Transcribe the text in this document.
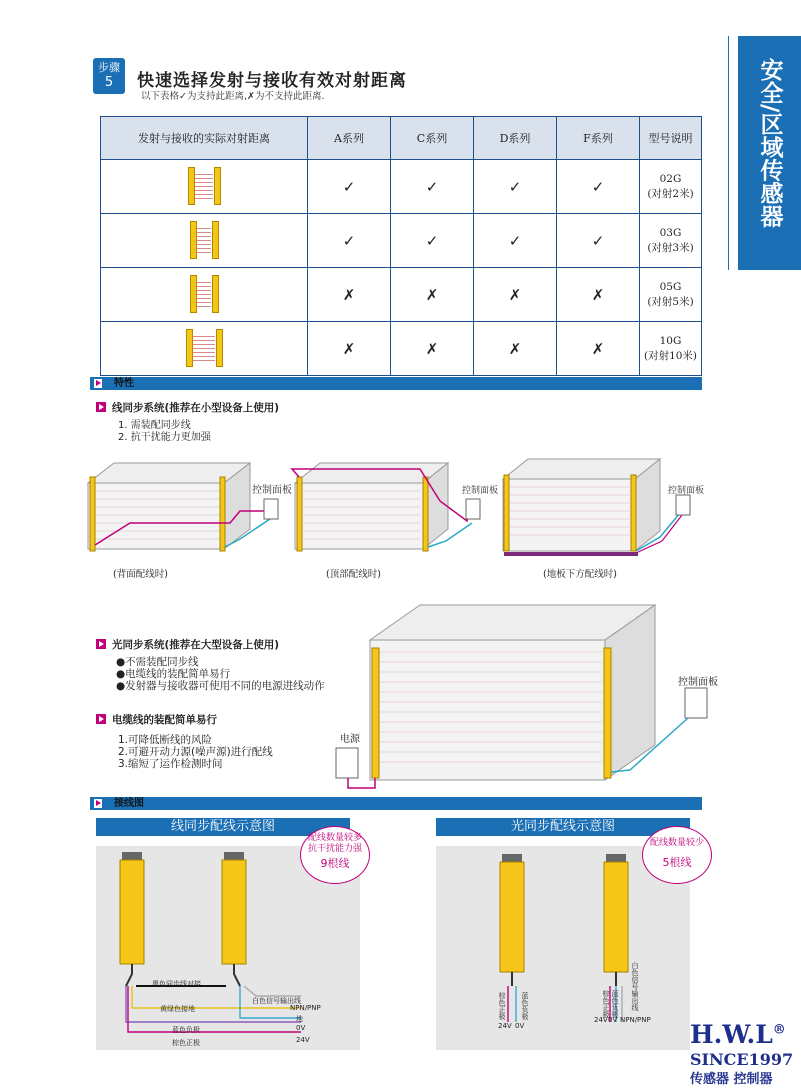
安全/区域传感器
步骤
5	快速选择发射与接收有效对射距离
以下表格✓为支持此距离,✗为不支持此距离.
发射与接收的实际对射距离	A系列	C系列	D系列	F系列	型号说明

	✓	✓	✓	✓	02G
(对射2米)

	✓	✓	✓	✓	03G
(对射3米)

	✗	✗	✗	✗	05G
(对射5米)

	✗	✗	✗	✗	10G
(对射10米)
特性
线同步系统(推荐在小型设备上使用)
1. 需装配同步线
2. 抗干扰能力更加强
控制面板	控制面板	控制面板
(背面配线时)	(顶部配线时)	(地板下方配线时)
光同步系统(推荐在大型设备上使用)
●不需装配同步线
●电缆线的装配简单易行
●发射器与接收器可使用不同的电源进线动作
电缆线的装配简单易行
1.可降低断线的风险
2.可避开动力源(噪声源)进行配线
3.缩短了运作检测时间
控制面板
电源
接线图
线同步配线示意图
配线数量较多
抗干扰能力强
9根线
黑色同步线对接
白色信号输出线
NPN/PNP
黄绿色接地
地
蓝色负极	0V
棕色正极	24V
光同步配线示意图
配线数量较少
5根线
棕色正极 蓝色负极
24V 0V
棕色正极 蓝色负极 白色信号输出线
24V 0V NPN/PNP H.W.L®
SINCE1997
传感器 控制器
